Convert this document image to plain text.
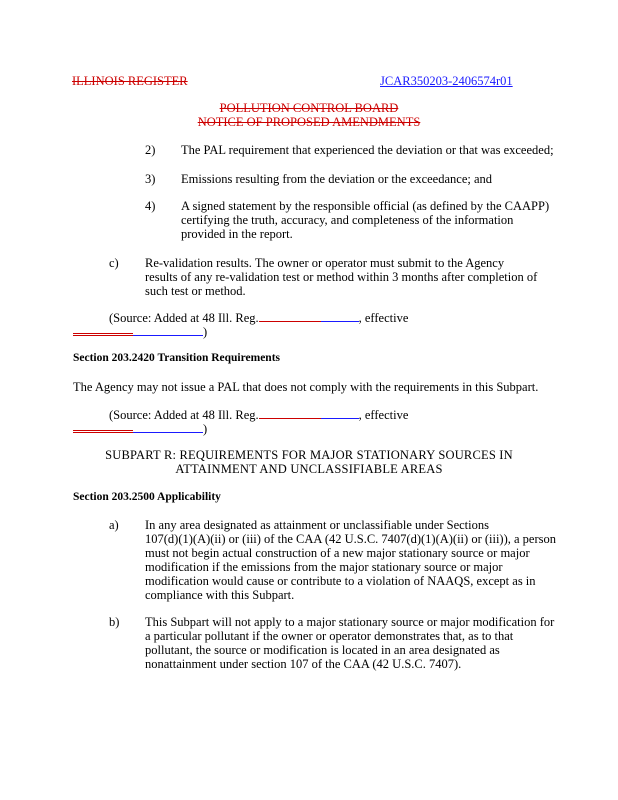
ILLINOIS REGISTER	JCAR350203-2406574r01
POLLUTION CONTROL BOARD
NOTICE OF PROPOSED AMENDMENTS
2) The PAL requirement that experienced the deviation or that was exceeded;
3) Emissions resulting from the deviation or the exceedance; and
4) A signed statement by the responsible official (as defined by the CAAPP)
certifying the truth, accuracy, and completeness of the information
provided in the report.
c) Re-validation results. The owner or operator must submit to the Agency
results of any re-validation test or method within 3 months after completion of
such test or method.
(Source: Added at 48 Ill. Reg.	, effective
)
Section 203.2420 Transition Requirements
The Agency may not issue a PAL that does not comply with the requirements in this Subpart.
(Source: Added at 48 Ill. Reg.	, effective
)
SUBPART R: REQUIREMENTS FOR MAJOR STATIONARY SOURCES IN
ATTAINMENT AND UNCLASSIFIABLE AREAS
Section 203.2500 Applicability
a) In any area designated as attainment or unclassifiable under Sections
107(d)(1)(A)(ii) or (iii) of the CAA (42 U.S.C. 7407(d)(1)(A)(ii) or (iii)), a person
must not begin actual construction of a new major stationary source or major
modification if the emissions from the major stationary source or major
modification would cause or contribute to a violation of NAAQS, except as in
compliance with this Subpart.
b) This Subpart will not apply to a major stationary source or major modification for
a particular pollutant if the owner or operator demonstrates that, as to that
pollutant, the source or modification is located in an area designated as
nonattainment under section 107 of the CAA (42 U.S.C. 7407).
